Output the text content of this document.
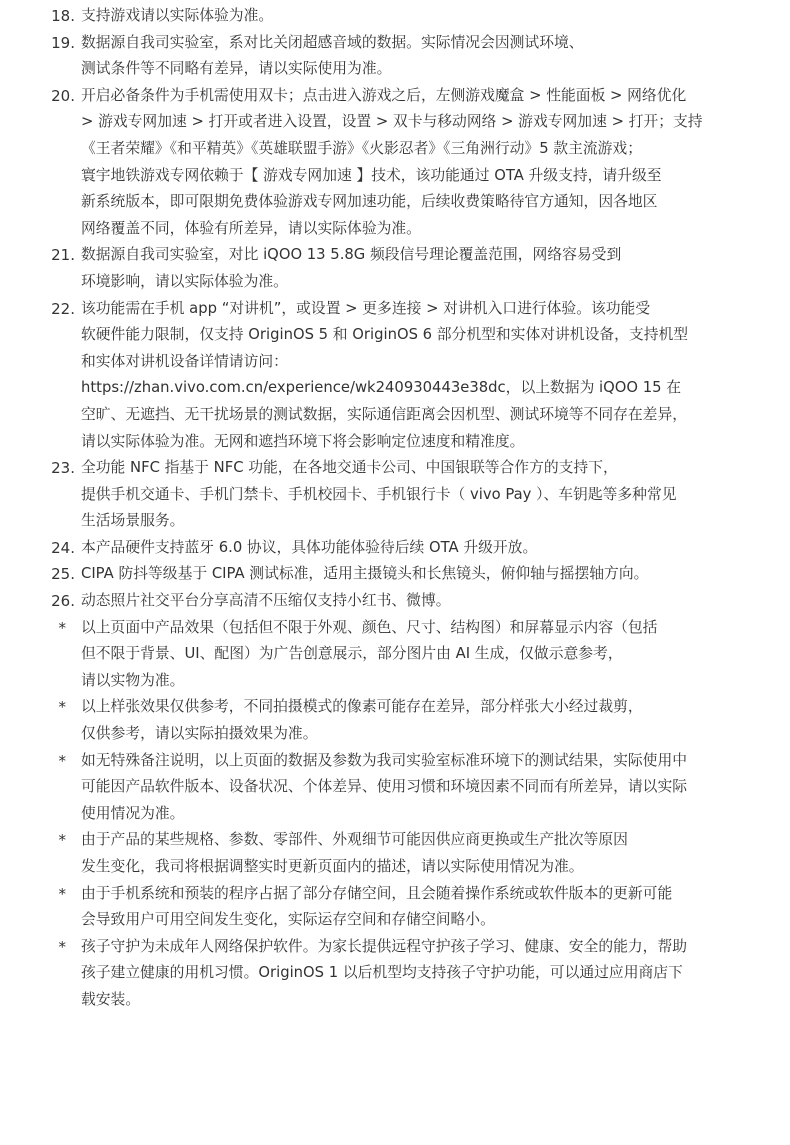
18. 支持游戏请以实际体验为准。
19. 数据源自我司实验室，系对比关闭超感音域的数据。实际情况会因测试环境、
测试条件等不同略有差异，请以实际使用为准。
20. 开启必备条件为手机需使用双卡；点击进入游戏之后，左侧游戏魔盒 > 性能面板 > 网络优化
> 游戏专网加速 > 打开或者进入设置，设置 > 双卡与移动网络 > 游戏专网加速 > 打开；支持
《王者荣耀》《和平精英》《英雄联盟手游》《火影忍者》《三角洲行动》5 款主流游戏；
寰宇地铁游戏专网依赖于【 游戏专网加速 】技术，该功能通过 OTA 升级支持，请升级至
新系统版本，即可限期免费体验游戏专网加速功能，后续收费策略待官方通知，因各地区
网络覆盖不同，体验有所差异，请以实际体验为准。
21. 数据源自我司实验室，对比 iQOO 13 5.8G 频段信号理论覆盖范围，网络容易受到
环境影响，请以实际体验为准。
22. 该功能需在手机 app “对讲机”，或设置 > 更多连接 > 对讲机入口进行体验。该功能受
软硬件能力限制，仅支持 OriginOS 5 和 OriginOS 6 部分机型和实体对讲机设备，支持机型
和实体对讲机设备详情请访问：
https://zhan.vivo.com.cn/experience/wk240930443e38dc，以上数据为 iQOO 15 在
空旷、无遮挡、无干扰场景的测试数据，实际通信距离会因机型、测试环境等不同存在差异，
请以实际体验为准。无网和遮挡环境下将会影响定位速度和精准度。
23. 全功能 NFC 指基于 NFC 功能，在各地交通卡公司、中国银联等合作方的支持下，
提供手机交通卡、手机门禁卡、手机校园卡、手机银行卡（ vivo Pay ）、车钥匙等多种常见
生活场景服务。
24. 本产品硬件支持蓝牙 6.0 协议，具体功能体验待后续 OTA 升级开放。
25. CIPA 防抖等级基于 CIPA 测试标准，适用主摄镜头和长焦镜头，俯仰轴与摇摆轴方向。
26. 动态照片社交平台分享高清不压缩仅支持小红书、微博。
* 以上页面中产品效果（包括但不限于外观、颜色、尺寸、结构图）和屏幕显示内容（包括
但不限于背景、UI、配图）为广告创意展示，部分图片由 AI 生成，仅做示意参考，
请以实物为准。
* 以上样张效果仅供参考，不同拍摄模式的像素可能存在差异，部分样张大小经过裁剪，
仅供参考，请以实际拍摄效果为准。
* 如无特殊备注说明，以上页面的数据及参数为我司实验室标准环境下的测试结果，实际使用中
可能因产品软件版本、设备状况、个体差异、使用习惯和环境因素不同而有所差异，请以实际
使用情况为准。
* 由于产品的某些规格、参数、零部件、外观细节可能因供应商更换或生产批次等原因
发生变化，我司将根据调整实时更新页面内的描述，请以实际使用情况为准。
* 由于手机系统和预装的程序占据了部分存储空间，且会随着操作系统或软件版本的更新可能
会导致用户可用空间发生变化，实际运存空间和存储空间略小。
* 孩子守护为未成年人网络保护软件。为家长提供远程守护孩子学习、健康、安全的能力，帮助
孩子建立健康的用机习惯。OriginOS 1 以后机型均支持孩子守护功能，可以通过应用商店下
载安装。
